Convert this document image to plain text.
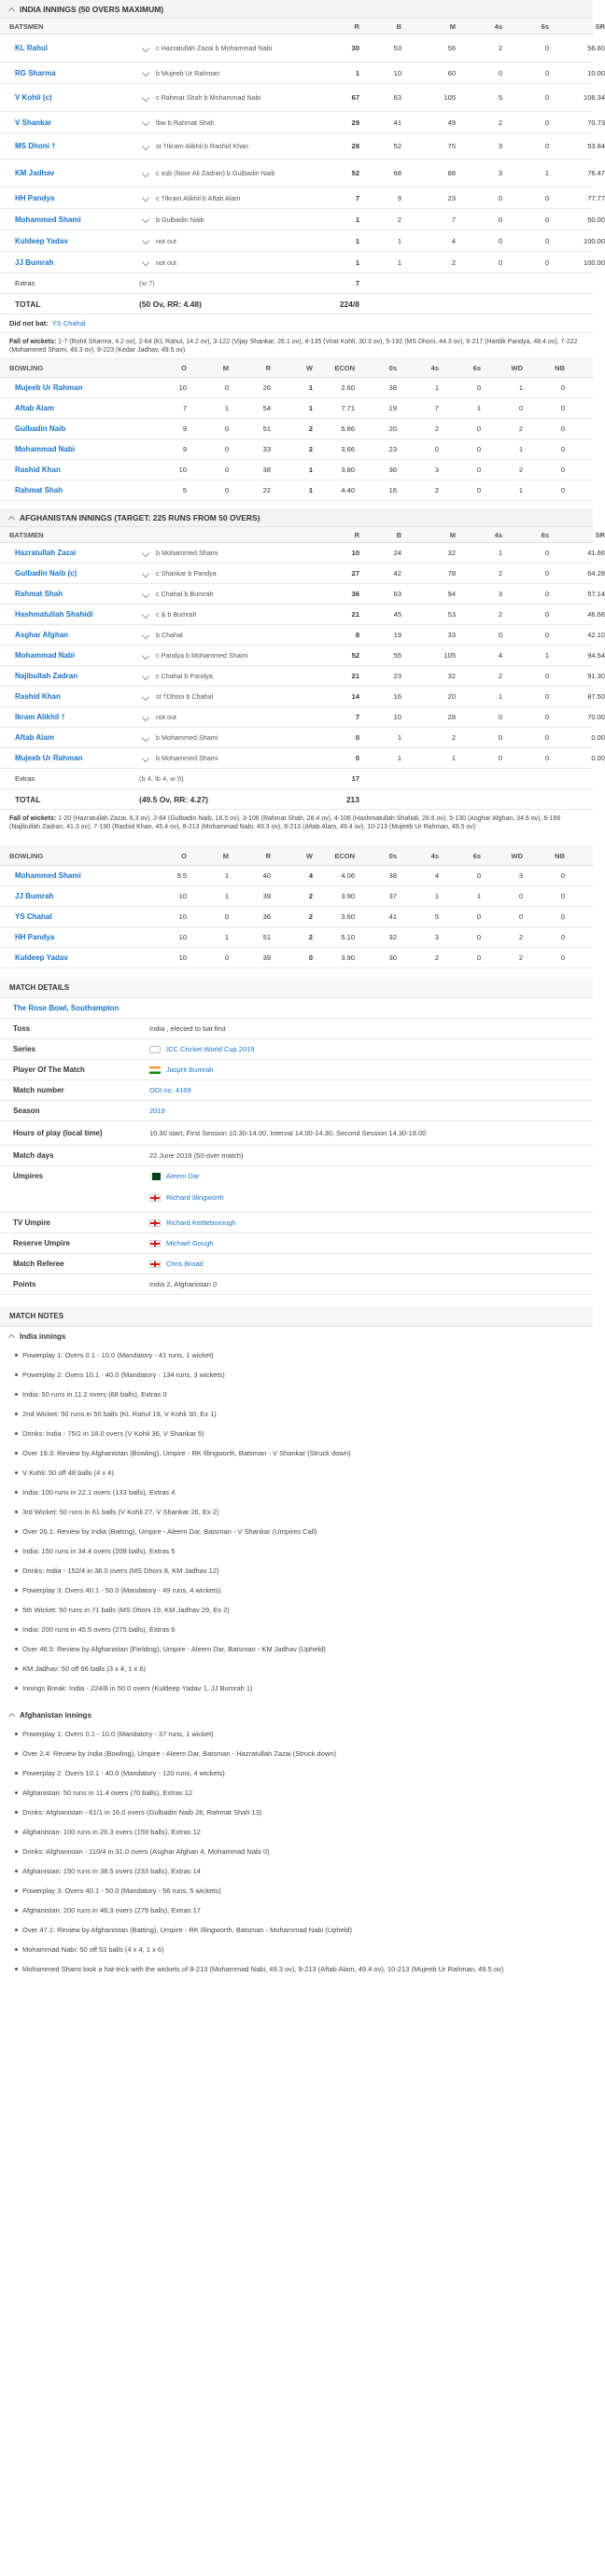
INDIA INNINGS (50 OVERS MAXIMUM)
BATSMEN	R	B	M	4s	6s	SR
KL Rahul	c Hazratullah Zazai b Mohammad Nabi	30	53	56	2	0	56.60
RG Sharma	b Mujeeb Ur Rahman	1	10	60	0	0	10.00
V Kohli (c)	c Rahmat Shah b Mohammad Nabi	67	63	105	5	0	106.34
V Shankar	lbw b Rahmat Shah	29	41	49	2	0	70.73
MS Dhoni †	st †Ikram Alikhil b Rashid Khan	28	52	75	3	0	53.84
KM Jadhav	c sub (Noor Ali Zadran) b Gulbadin Naib	52	68	88	3	1	76.47
HH Pandya	c †Ikram Alikhil b Aftab Alam	7	9	23	0	0	77.77
Mohammed Shami	b Gulbadin Naib	1	2	7	0	0	50.00
Kuldeep Yadav	not out	1	1	4	0	0	100.00
JJ Bumrah	not out	1	1	2	0	0	100.00
Extras	(w 7)	7
TOTAL	(50 Ov, RR: 4.48)	224/8
Did not bat: YS Chahal
Fall of wickets: 1-7 (Rohit Sharma, 4.2 ov), 2-64 (KL Rahul, 14.2 ov), 3-122 (Vijay Shankar, 26.1 ov), 4-135 (Virat Kohli, 30.3 ov), 5-192 (MS Dhoni, 44.3 ov), 6-217 (Hardik Pandya, 48.4 ov), 7-222 (Mohammed Shami, 49.3 ov), 8-223 (Kedar Jadhav, 49.5 ov)
BOWLING	O	M	R	W	ECON	0s	4s	6s	WD	NB
Mujeeb Ur Rahman	10	0	26	1	2.60	38	1	0	1	0
Aftab Alam	7	1	54	1	7.71	19	7	1	0	0
Gulbadin Naib	9	0	51	2	5.66	20	2	0	2	0
Mohammad Nabi	9	0	33	2	3.66	23	0	0	1	0
Rashid Khan	10	0	38	1	3.80	36	3	0	2	0
Rahmat Shah	5	0	22	1	4.40	16	2	0	1	0
AFGHANISTAN INNINGS (TARGET: 225 RUNS FROM 50 OVERS)
BATSMEN	R	B	M	4s	6s	SR
Hazratullah Zazai	b Mohammed Shami	10	24	32	1	0	41.66
Gulbadin Naib (c)	c Shankar b Pandya	27	42	78	2	0	64.28
Rahmat Shah	c Chahal b Bumrah	36	63	94	3	0	57.14
Hashmatullah Shahidi	c & b Bumrah	21	45	53	2	0	46.66
Asghar Afghan	b Chahal	8	19	33	0	0	42.10
Mohammad Nabi	c Pandya b Mohammed Shami	52	55	105	4	1	94.54
Najibullah Zadran	c Chahal b Pandya	21	23	32	2	0	91.30
Rashid Khan	st †Dhoni b Chahal	14	16	20	1	0	87.50
Ikram Alikhil †	not out	7	10	28	0	0	70.00
Aftab Alam	b Mohammed Shami	0	1	2	0	0	0.00
Mujeeb Ur Rahman	b Mohammed Shami	0	1	1	0	0	0.00
Extras	(b 4, lb 4, w 9)	17
TOTAL	(49.5 Ov, RR: 4.27)	213
Fall of wickets: 1-20 (Hazratullah Zazai, 6.3 ov), 2-64 (Gulbadin Naib, 16.5 ov), 3-106 (Rahmat Shah, 28.4 ov), 4-106 (Hashmatullah Shahidi, 28.6 ov), 5-130 (Asghar Afghan, 34.6 ov), 6-166 (Najibullah Zadran, 41.3 ov), 7-190 (Rashid Khan, 45.4 ov), 8-213 (Mohammad Nabi, 49.3 ov), 9-213 (Aftab Alam, 49.4 ov), 10-213 (Mujeeb Ur Rahman, 49.5 ov)
BOWLING	O	M	R	W	ECON	0s	4s	6s	WD	NB
Mohammed Shami	9.5	1	40	4	4.06	38	4	0	3	0
JJ Bumrah	10	1	39	2	3.90	37	1	1	0	0
YS Chahal	10	0	36	2	3.60	41	5	0	0	0
HH Pandya	10	1	51	2	5.10	32	3	0	2	0
Kuldeep Yadav	10	0	39	0	3.90	30	2	0	2	0
MATCH DETAILS
The Rose Bowl, Southampton
Toss	India , elected to bat first
Series	ICC Cricket World Cup 2019
Player Of The Match	Jasprit Bumrah
Match number	ODI no. 4169
Season	2019
Hours of play (local time)	10.30 start, First Session 10.30-14.00, Interval 14.00-14.30, Second Session 14.30-18.00
Match days	22 June 2019 (50-over match)
Umpires	Aleem Dar
Richard Illingworth
TV Umpire	Richard Kettleborough
Reserve Umpire	Michael Gough
Match Referee	Chris Broad
Points	India 2, Afghanistan 0
MATCH NOTES
India innings
Powerplay 1: Overs 0.1 - 10.0 (Mandatory - 41 runs, 1 wicket)
Powerplay 2: Overs 10.1 - 40.0 (Mandatory - 134 runs, 3 wickets)
India: 50 runs in 11.2 overs (68 balls), Extras 0
2nd Wicket: 50 runs in 50 balls (KL Rahul 19, V Kohli 30, Ex 1)
Drinks: India - 75/2 in 18.0 overs (V Kohli 36, V Shankar 5)
Over 19.3: Review by Afghanistan (Bowling), Umpire - RK Illingworth, Batsman - V Shankar (Struck down)
V Kohli: 50 off 48 balls (4 x 4)
India: 100 runs in 22.1 overs (133 balls), Extras 4
3rd Wicket: 50 runs in 61 balls (V Kohli 27, V Shankar 26, Ex 2)
Over 26.1: Review by India (Batting), Umpire - Aleem Dar, Batsman - V Shankar (Umpires Call)
India: 150 runs in 34.4 overs (208 balls), Extras 5
Drinks: India - 152/4 in 36.0 overs (MS Dhoni 8, KM Jadhav 12)
Powerplay 3: Overs 40.1 - 50.0 (Mandatory - 49 runs, 4 wickets)
5th Wicket: 50 runs in 71 balls (MS Dhoni 19, KM Jadhav 29, Ex 2)
India: 200 runs in 45.5 overs (275 balls), Extras 6
Over 46.5: Review by Afghanistan (Fielding), Umpire - Aleem Dar, Batsman - KM Jadhav (Upheld)
KM Jadhav: 50 off 66 balls (3 x 4, 1 x 6)
Innings Break: India - 224/8 in 50.0 overs (Kuldeep Yadav 1, JJ Bumrah 1)
Afghanistan innings
Powerplay 1: Overs 0.1 - 10.0 (Mandatory - 37 runs, 1 wicket)
Over 2.4: Review by India (Bowling), Umpire - Aleem Dar, Batsman - Hazratullah Zazai (Struck down)
Powerplay 2: Overs 10.1 - 40.0 (Mandatory - 120 runs, 4 wickets)
Afghanistan: 50 runs in 11.4 overs (70 balls), Extras 12
Drinks: Afghanistan - 61/1 in 16.0 overs (Gulbadin Naib 26, Rahmat Shah 13)
Afghanistan: 100 runs in 26.3 overs (159 balls), Extras 12
Drinks: Afghanistan - 110/4 in 31.0 overs (Asghar Afghan 4, Mohammad Nabi 0)
Afghanistan: 150 runs in 38.5 overs (233 balls), Extras 14
Powerplay 3: Overs 40.1 - 50.0 (Mandatory - 56 runs, 5 wickets)
Afghanistan: 200 runs in 46.3 overs (279 balls), Extras 17
Over 47.1: Review by Afghanistan (Batting), Umpire - RK Illingworth, Batsman - Mohammad Nabi (Upheld)
Mohammad Nabi: 50 off 53 balls (4 x 4, 1 x 6)
Mohammed Shami took a hat-trick with the wickets of 8-213 (Mohammad Nabi, 49.3 ov), 9-213 (Aftab Alam, 49.4 ov), 10-213 (Mujeeb Ur Rahman, 49.5 ov)
